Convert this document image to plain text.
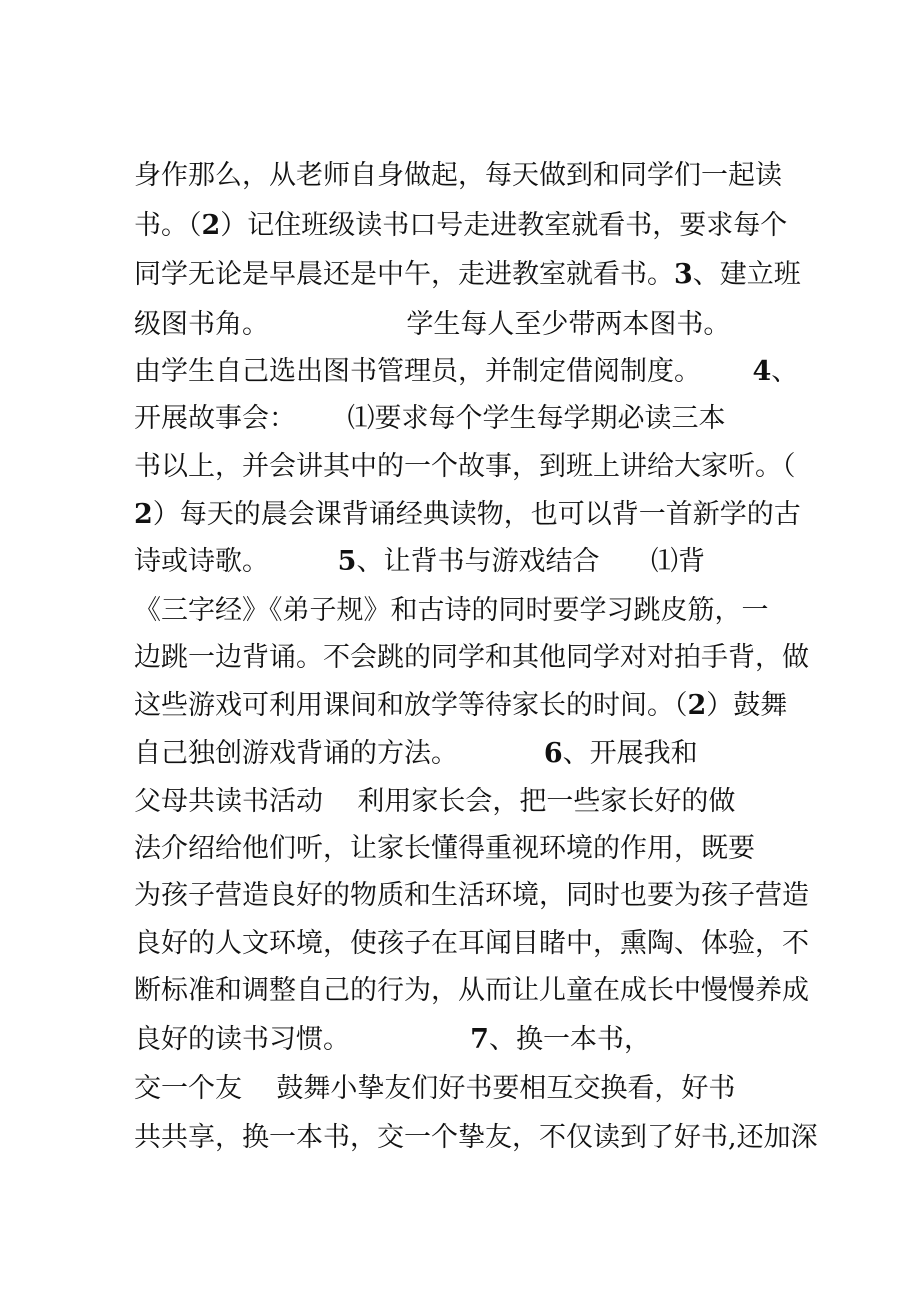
身作那么，从老师自身做起，每天做到和同学们一起读
书。（2）记住班级读书口号走进教室就看书，要求每个
同学无论是早晨还是中午，走进教室就看书。3、建立班
级图书角。                学生每人至少带两本图书。
由学生自己选出图书管理员，并制定借阅制度。      4、
开展故事会：      ⑴要求每个学生每学期必读三本
书以上，并会讲其中的一个故事，到班上讲给大家听。（
2）每天的晨会课背诵经典读物，也可以背一首新学的古
诗或诗歌。        5、让背书与游戏结合      ⑴背
《三字经》《弟子规》和古诗的同时要学习跳皮筋，一
边跳一边背诵。不会跳的同学和其他同学对对拍手背，做
这些游戏可利用课间和放学等待家长的时间。（2）鼓舞
自己独创游戏背诵的方法。          6、开展我和
父母共读书活动    利用家长会，把一些家长好的做
法介绍给他们听，让家长懂得重视环境的作用，既要
为孩子营造良好的物质和生活环境，同时也要为孩子营造
良好的人文环境，使孩子在耳闻目睹中，熏陶、体验，不
断标准和调整自己的行为，从而让儿童在成长中慢慢养成
良好的读书习惯。              7、换一本书，
交一个友    鼓舞小挚友们好书要相互交换看，好书
共共享，换一本书，交一个挚友，不仅读到了好书,还加深
